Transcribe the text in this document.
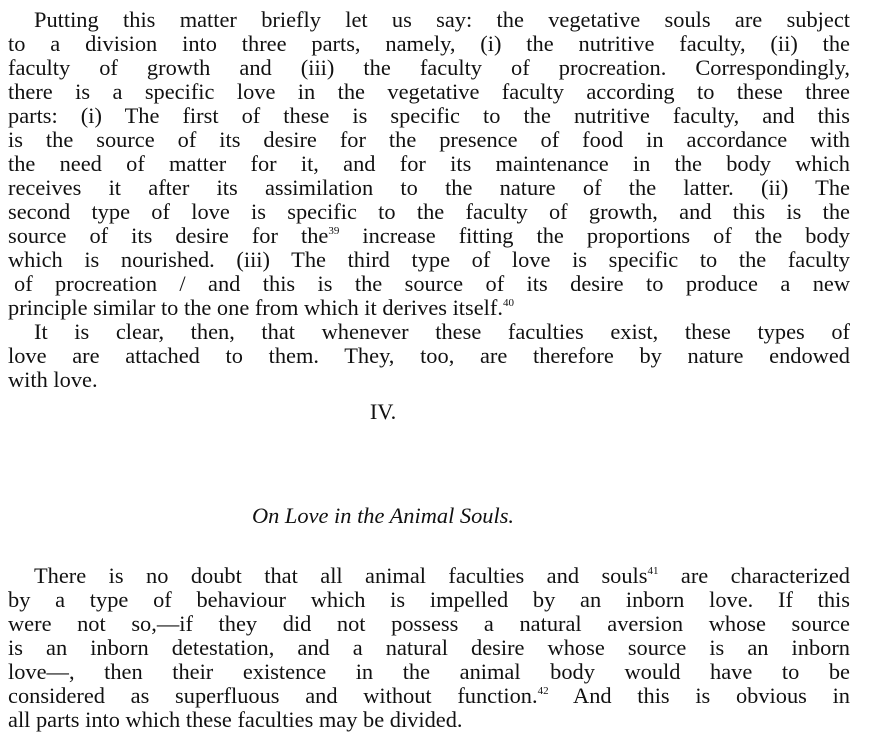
Putting this matter briefly let us say: the vegetative souls are subject
to a division into three parts, namely, (i) the nutritive faculty, (ii) the
faculty of growth and (iii) the faculty of procreation. Correspondingly,
there is a specific love in the vegetative faculty according to these three
parts: (i) The first of these is specific to the nutritive faculty, and this
is the source of its desire for the presence of food in accordance with
the need of matter for it, and for its maintenance in the body which
receives it after its assimilation to the nature of the latter. (ii) The
second type of love is specific to the faculty of growth, and this is the
source of its desire for the$^{39}$ increase fitting the proportions of the body
which is nourished. (iii) The third type of love is specific to the faculty
of procreation / and this is the source of its desire to produce a new
principle similar to the one from which it derives itself.$^{40}$
It is clear, then, that whenever these faculties exist, these types of
love are attached to them. They, too, are therefore by nature endowed
with love.
IV.
On Love in the Animal Souls.
There is no doubt that all animal faculties and souls$^{41}$ are characterized
by a type of behaviour which is impelled by an inborn love. If this
were not so,—if they did not possess a natural aversion whose source
is an inborn detestation, and a natural desire whose source is an inborn
love—, then their existence in the animal body would have to be
considered as superfluous and without function.$^{42}$ And this is obvious in
all parts into which these faculties may be divided.
